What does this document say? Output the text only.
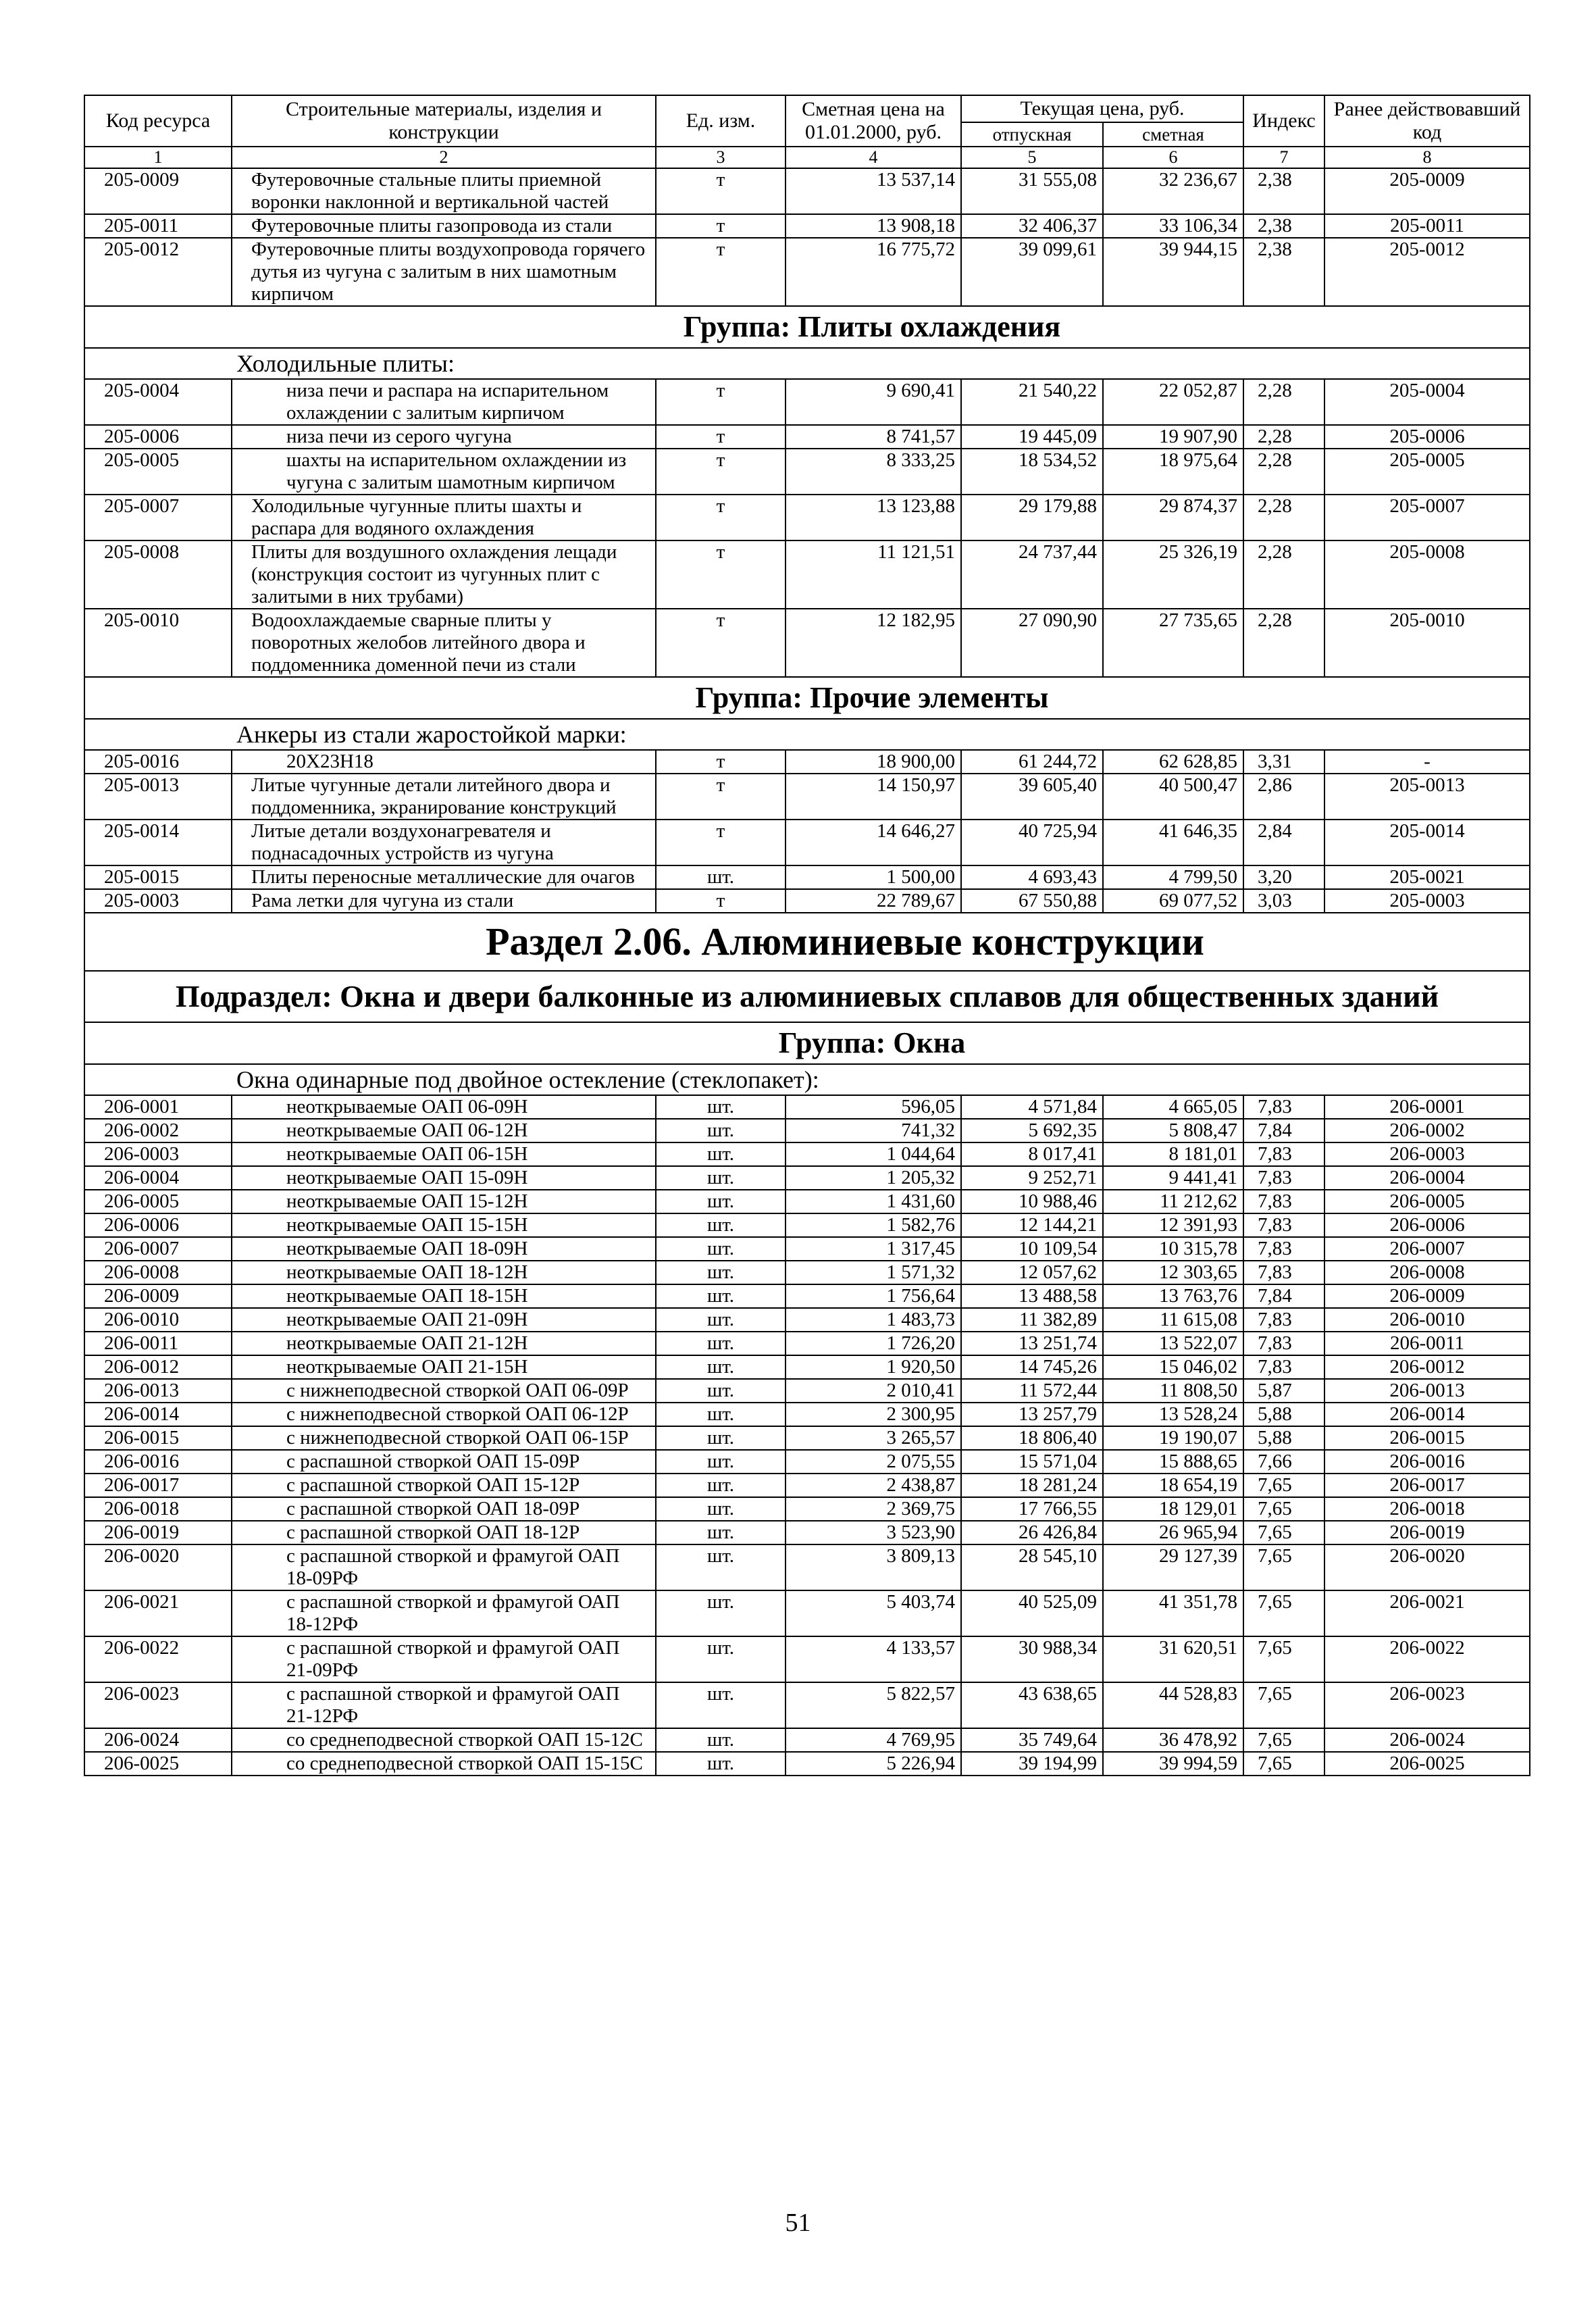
Код ресурса	Строительные материалы, изделия и конструкции	Ед. изм.	Сметная цена на 01.01.2000, руб.	Текущая цена, руб.		Индекс	Ранее действовавший код
				отпускная	сметная		
1	2	3	4	5	6	7	8
205-0009	Футеровочные стальные плиты приемной воронки наклонной и вертикальной частей	т	13 537,14	31 555,08	32 236,67	2,38	205-0009
205-0011	Футеровочные плиты газопровода из стали	т	13 908,18	32 406,37	33 106,34	2,38	205-0011
205-0012	Футеровочные плиты воздухопровода горячего дутья из чугуна с залитым в них шамотным кирпичом	т	16 775,72	39 099,61	39 944,15	2,38	205-0012
Группа: Плиты охлаждения							
Холодильные плиты:							
205-0004	низа печи и распара на испарительном охлаждении с залитым кирпичом	т	9 690,41	21 540,22	22 052,87	2,28	205-0004
205-0006	низа печи из серого чугуна	т	8 741,57	19 445,09	19 907,90	2,28	205-0006
205-0005	шахты на испарительном охлаждении из чугуна с залитым шамотным кирпичом	т	8 333,25	18 534,52	18 975,64	2,28	205-0005
205-0007	Холодильные чугунные плиты шахты и распара для водяного охлаждения	т	13 123,88	29 179,88	29 874,37	2,28	205-0007
205-0008	Плиты для воздушного охлаждения лещади (конструкция состоит из чугунных плит с залитыми в них трубами)	т	11 121,51	24 737,44	25 326,19	2,28	205-0008
205-0010	Водоохлаждаемые сварные плиты у поворотных желобов литейного двора и поддоменника доменной печи из стали	т	12 182,95	27 090,90	27 735,65	2,28	205-0010
Группа: Прочие элементы							
Анкеры из стали жаростойкой марки:							
205-0016	20Х23Н18	т	18 900,00	61 244,72	62 628,85	3,31	-
205-0013	Литые чугунные детали литейного двора и поддоменника, экранирование конструкций	т	14 150,97	39 605,40	40 500,47	2,86	205-0013
205-0014	Литые детали воздухонагревателя и поднасадочных устройств из чугуна	т	14 646,27	40 725,94	41 646,35	2,84	205-0014
205-0015	Плиты переносные металлические для очагов	шт.	1 500,00	4 693,43	4 799,50	3,20	205-0021
205-0003	Рама летки для чугуна из стали	т	22 789,67	67 550,88	69 077,52	3,03	205-0003
Раздел 2.06. Алюминиевые конструкции							
Подраздел: Окна и двери балконные из алюминиевых сплавов для общественных зданий							
Группа: Окна							
Окна одинарные под двойное остекление (стеклопакет):							
206-0001	неоткрываемые ОАП 06-09Н	шт.	596,05	4 571,84	4 665,05	7,83	206-0001
206-0002	неоткрываемые ОАП 06-12Н	шт.	741,32	5 692,35	5 808,47	7,84	206-0002
206-0003	неоткрываемые ОАП 06-15Н	шт.	1 044,64	8 017,41	8 181,01	7,83	206-0003
206-0004	неоткрываемые ОАП 15-09Н	шт.	1 205,32	9 252,71	9 441,41	7,83	206-0004
206-0005	неоткрываемые ОАП 15-12Н	шт.	1 431,60	10 988,46	11 212,62	7,83	206-0005
206-0006	неоткрываемые ОАП 15-15Н	шт.	1 582,76	12 144,21	12 391,93	7,83	206-0006
206-0007	неоткрываемые ОАП 18-09Н	шт.	1 317,45	10 109,54	10 315,78	7,83	206-0007
206-0008	неоткрываемые ОАП 18-12Н	шт.	1 571,32	12 057,62	12 303,65	7,83	206-0008
206-0009	неоткрываемые ОАП 18-15Н	шт.	1 756,64	13 488,58	13 763,76	7,84	206-0009
206-0010	неоткрываемые ОАП 21-09Н	шт.	1 483,73	11 382,89	11 615,08	7,83	206-0010
206-0011	неоткрываемые ОАП 21-12Н	шт.	1 726,20	13 251,74	13 522,07	7,83	206-0011
206-0012	неоткрываемые ОАП 21-15Н	шт.	1 920,50	14 745,26	15 046,02	7,83	206-0012
206-0013	с нижнеподвесной створкой ОАП 06-09Р	шт.	2 010,41	11 572,44	11 808,50	5,87	206-0013
206-0014	с нижнеподвесной створкой ОАП 06-12Р	шт.	2 300,95	13 257,79	13 528,24	5,88	206-0014
206-0015	с нижнеподвесной створкой ОАП 06-15Р	шт.	3 265,57	18 806,40	19 190,07	5,88	206-0015
206-0016	с распашной створкой ОАП 15-09Р	шт.	2 075,55	15 571,04	15 888,65	7,66	206-0016
206-0017	с распашной створкой ОАП 15-12Р	шт.	2 438,87	18 281,24	18 654,19	7,65	206-0017
206-0018	с распашной створкой ОАП 18-09Р	шт.	2 369,75	17 766,55	18 129,01	7,65	206-0018
206-0019	с распашной створкой ОАП 18-12Р	шт.	3 523,90	26 426,84	26 965,94	7,65	206-0019
206-0020	с распашной створкой и фрамугой ОАП 18-09РФ	шт.	3 809,13	28 545,10	29 127,39	7,65	206-0020
206-0021	с распашной створкой и фрамугой ОАП 18-12РФ	шт.	5 403,74	40 525,09	41 351,78	7,65	206-0021
206-0022	с распашной створкой и фрамугой ОАП 21-09РФ	шт.	4 133,57	30 988,34	31 620,51	7,65	206-0022
206-0023	с распашной створкой и фрамугой ОАП 21-12РФ	шт.	5 822,57	43 638,65	44 528,83	7,65	206-0023
206-0024	со среднеподвесной створкой ОАП 15-12С	шт.	4 769,95	35 749,64	36 478,92	7,65	206-0024
206-0025	со среднеподвесной створкой ОАП 15-15С	шт.	5 226,94	39 194,99	39 994,59	7,65	206-0025
51
